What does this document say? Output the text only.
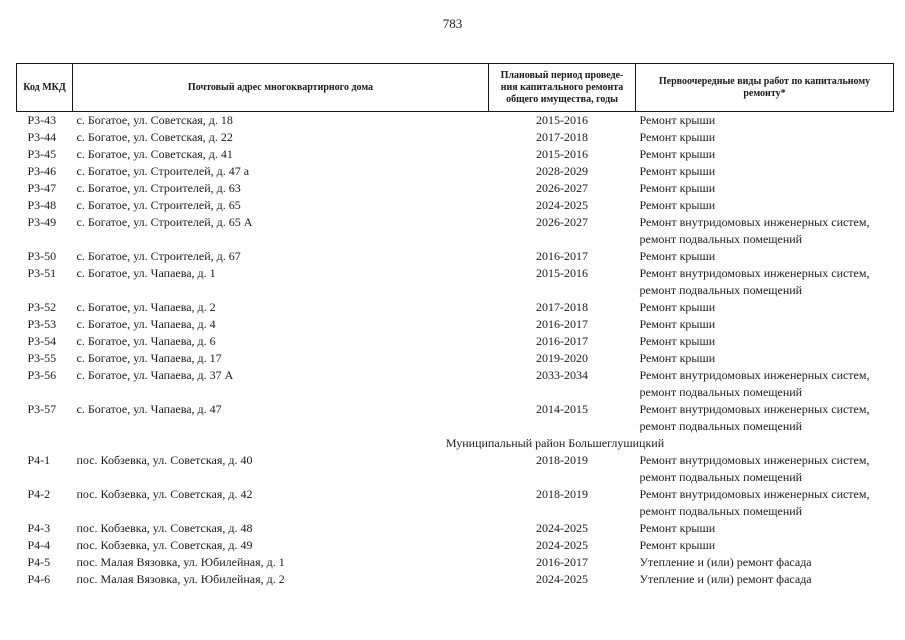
783
Код МКД	Почтовый адрес многоквартирного дома	Плановый период проведе-ния капитального ремонта общего имущества, годы	Первоочередные виды работ по капитальному ремонту*
Р3-43	с. Богатое, ул. Советская, д. 18	2015-2016	Ремонт крыши

Р3-44	с. Богатое, ул. Советская, д. 22	2017-2018	Ремонт крыши

Р3-45	с. Богатое, ул. Советская, д. 41	2015-2016	Ремонт крыши

Р3-46	с. Богатое, ул. Строителей, д. 47 а	2028-2029	Ремонт крыши

Р3-47	с. Богатое, ул. Строителей, д. 63	2026-2027	Ремонт крыши

Р3-48	с. Богатое, ул. Строителей, д. 65	2024-2025	Ремонт крыши

Р3-49	с. Богатое, ул. Строителей, д. 65 А	2026-2027	Ремонт внутридомовых инженерных систем,
ремонт подвальных помещений

Р3-50	с. Богатое, ул. Строителей, д. 67	2016-2017	Ремонт крыши

Р3-51	с. Богатое, ул. Чапаева, д. 1	2015-2016	Ремонт внутридомовых инженерных систем,
ремонт подвальных помещений

Р3-52	с. Богатое, ул. Чапаева, д. 2	2017-2018	Ремонт крыши

Р3-53	с. Богатое, ул. Чапаева, д. 4	2016-2017	Ремонт крыши

Р3-54	с. Богатое, ул. Чапаева, д. 6	2016-2017	Ремонт крыши

Р3-55	с. Богатое, ул. Чапаева, д. 17	2019-2020	Ремонт крыши

Р3-56	с. Богатое, ул. Чапаева, д. 37 А	2033-2034	Ремонт внутридомовых инженерных систем,
ремонт подвальных помещений

Р3-57	с. Богатое, ул. Чапаева, д. 47	2014-2015	Ремонт внутридомовых инженерных систем,
ремонт подвальных помещений

Муниципальный район Большеглушицкий			
Р4-1	пос. Кобзевка, ул. Советская, д. 40	2018-2019	Ремонт внутридомовых инженерных систем,
ремонт подвальных помещений

Р4-2	пос. Кобзевка, ул. Советская, д. 42	2018-2019	Ремонт внутридомовых инженерных систем,
ремонт подвальных помещений

Р4-3	пос. Кобзевка, ул. Советская, д. 48	2024-2025	Ремонт крыши

Р4-4	пос. Кобзевка, ул. Советская, д. 49	2024-2025	Ремонт крыши

Р4-5	пос. Малая Вязовка, ул. Юбилейная, д. 1	2016-2017	Утепление и (или) ремонт фасада

Р4-6	пос. Малая Вязовка, ул. Юбилейная, д. 2	2024-2025	Утепление и (или) ремонт фасада
